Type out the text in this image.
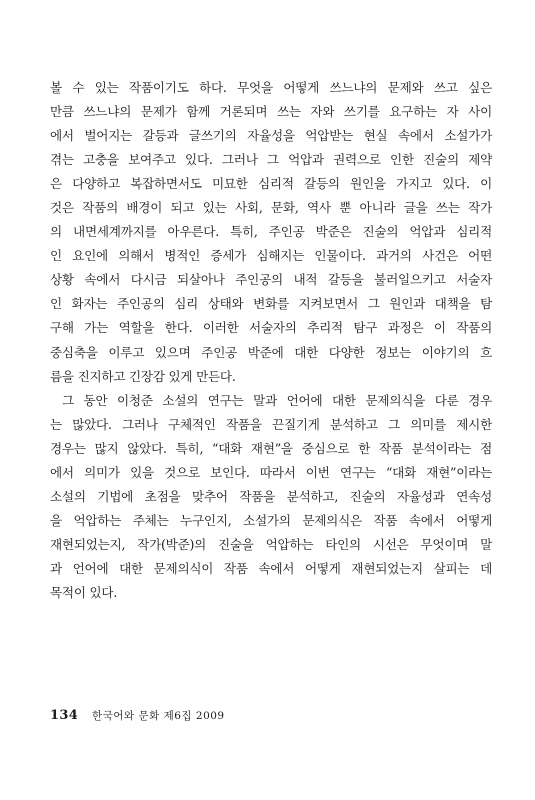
볼 수 있는 작품이기도 하다. 무엇을 어떻게 쓰느냐의 문제와 쓰고 싶은
만큼 쓰느냐의 문제가 함께 거론되며 쓰는 자와 쓰기를 요구하는 자 사이
에서 벌어지는 갈등과 글쓰기의 자율성을 억압받는 현실 속에서 소설가가
겪는 고충을 보여주고 있다. 그러나 그 억압과 권력으로 인한 진술의 제약
은 다양하고 복잡하면서도 미묘한 심리적 갈등의 원인을 가지고 있다. 이
것은 작품의 배경이 되고 있는 사회, 문화, 역사 뿐 아니라 글을 쓰는 작가
의 내면세계까지를 아우른다. 특히, 주인공 박준은 진술의 억압과 심리적
인 요인에 의해서 병적인 증세가 심해지는 인물이다. 과거의 사건은 어떤
상황 속에서 다시금 되살아나 주인공의 내적 갈등을 불러일으키고 서술자
인 화자는 주인공의 심리 상태와 변화를 지켜보면서 그 원인과 대책을 탐
구해 가는 역할을 한다. 이러한 서술자의 추리적 탐구 과정은 이 작품의
중심축을 이루고 있으며 주인공 박준에 대한 다양한 정보는 이야기의 흐
름을 진지하고 긴장감 있게 만든다.

그 동안 이청준 소설의 연구는 말과 언어에 대한 문제의식을 다룬 경우
는 많았다. 그러나 구체적인 작품을 끈질기게 분석하고 그 의미를 제시한
경우는 많지 않았다. 특히, “대화 재현”을 중심으로 한 작품 분석이라는 점
에서 의미가 있을 것으로 보인다. 따라서 이번 연구는 “대화 재현”이라는
소설의 기법에 초점을 맞추어 작품을 분석하고, 진술의 자율성과 연속성
을 억압하는 주체는 누구인지, 소설가의 문제의식은 작품 속에서 어떻게
재현되었는지, 작가(박준)의 진술을 억압하는 타인의 시선은 무엇이며 말
과 언어에 대한 문제의식이 작품 속에서 어떻게 재현되었는지 살피는 데
목적이 있다.

134 한국어와 문화 제6집 2009
